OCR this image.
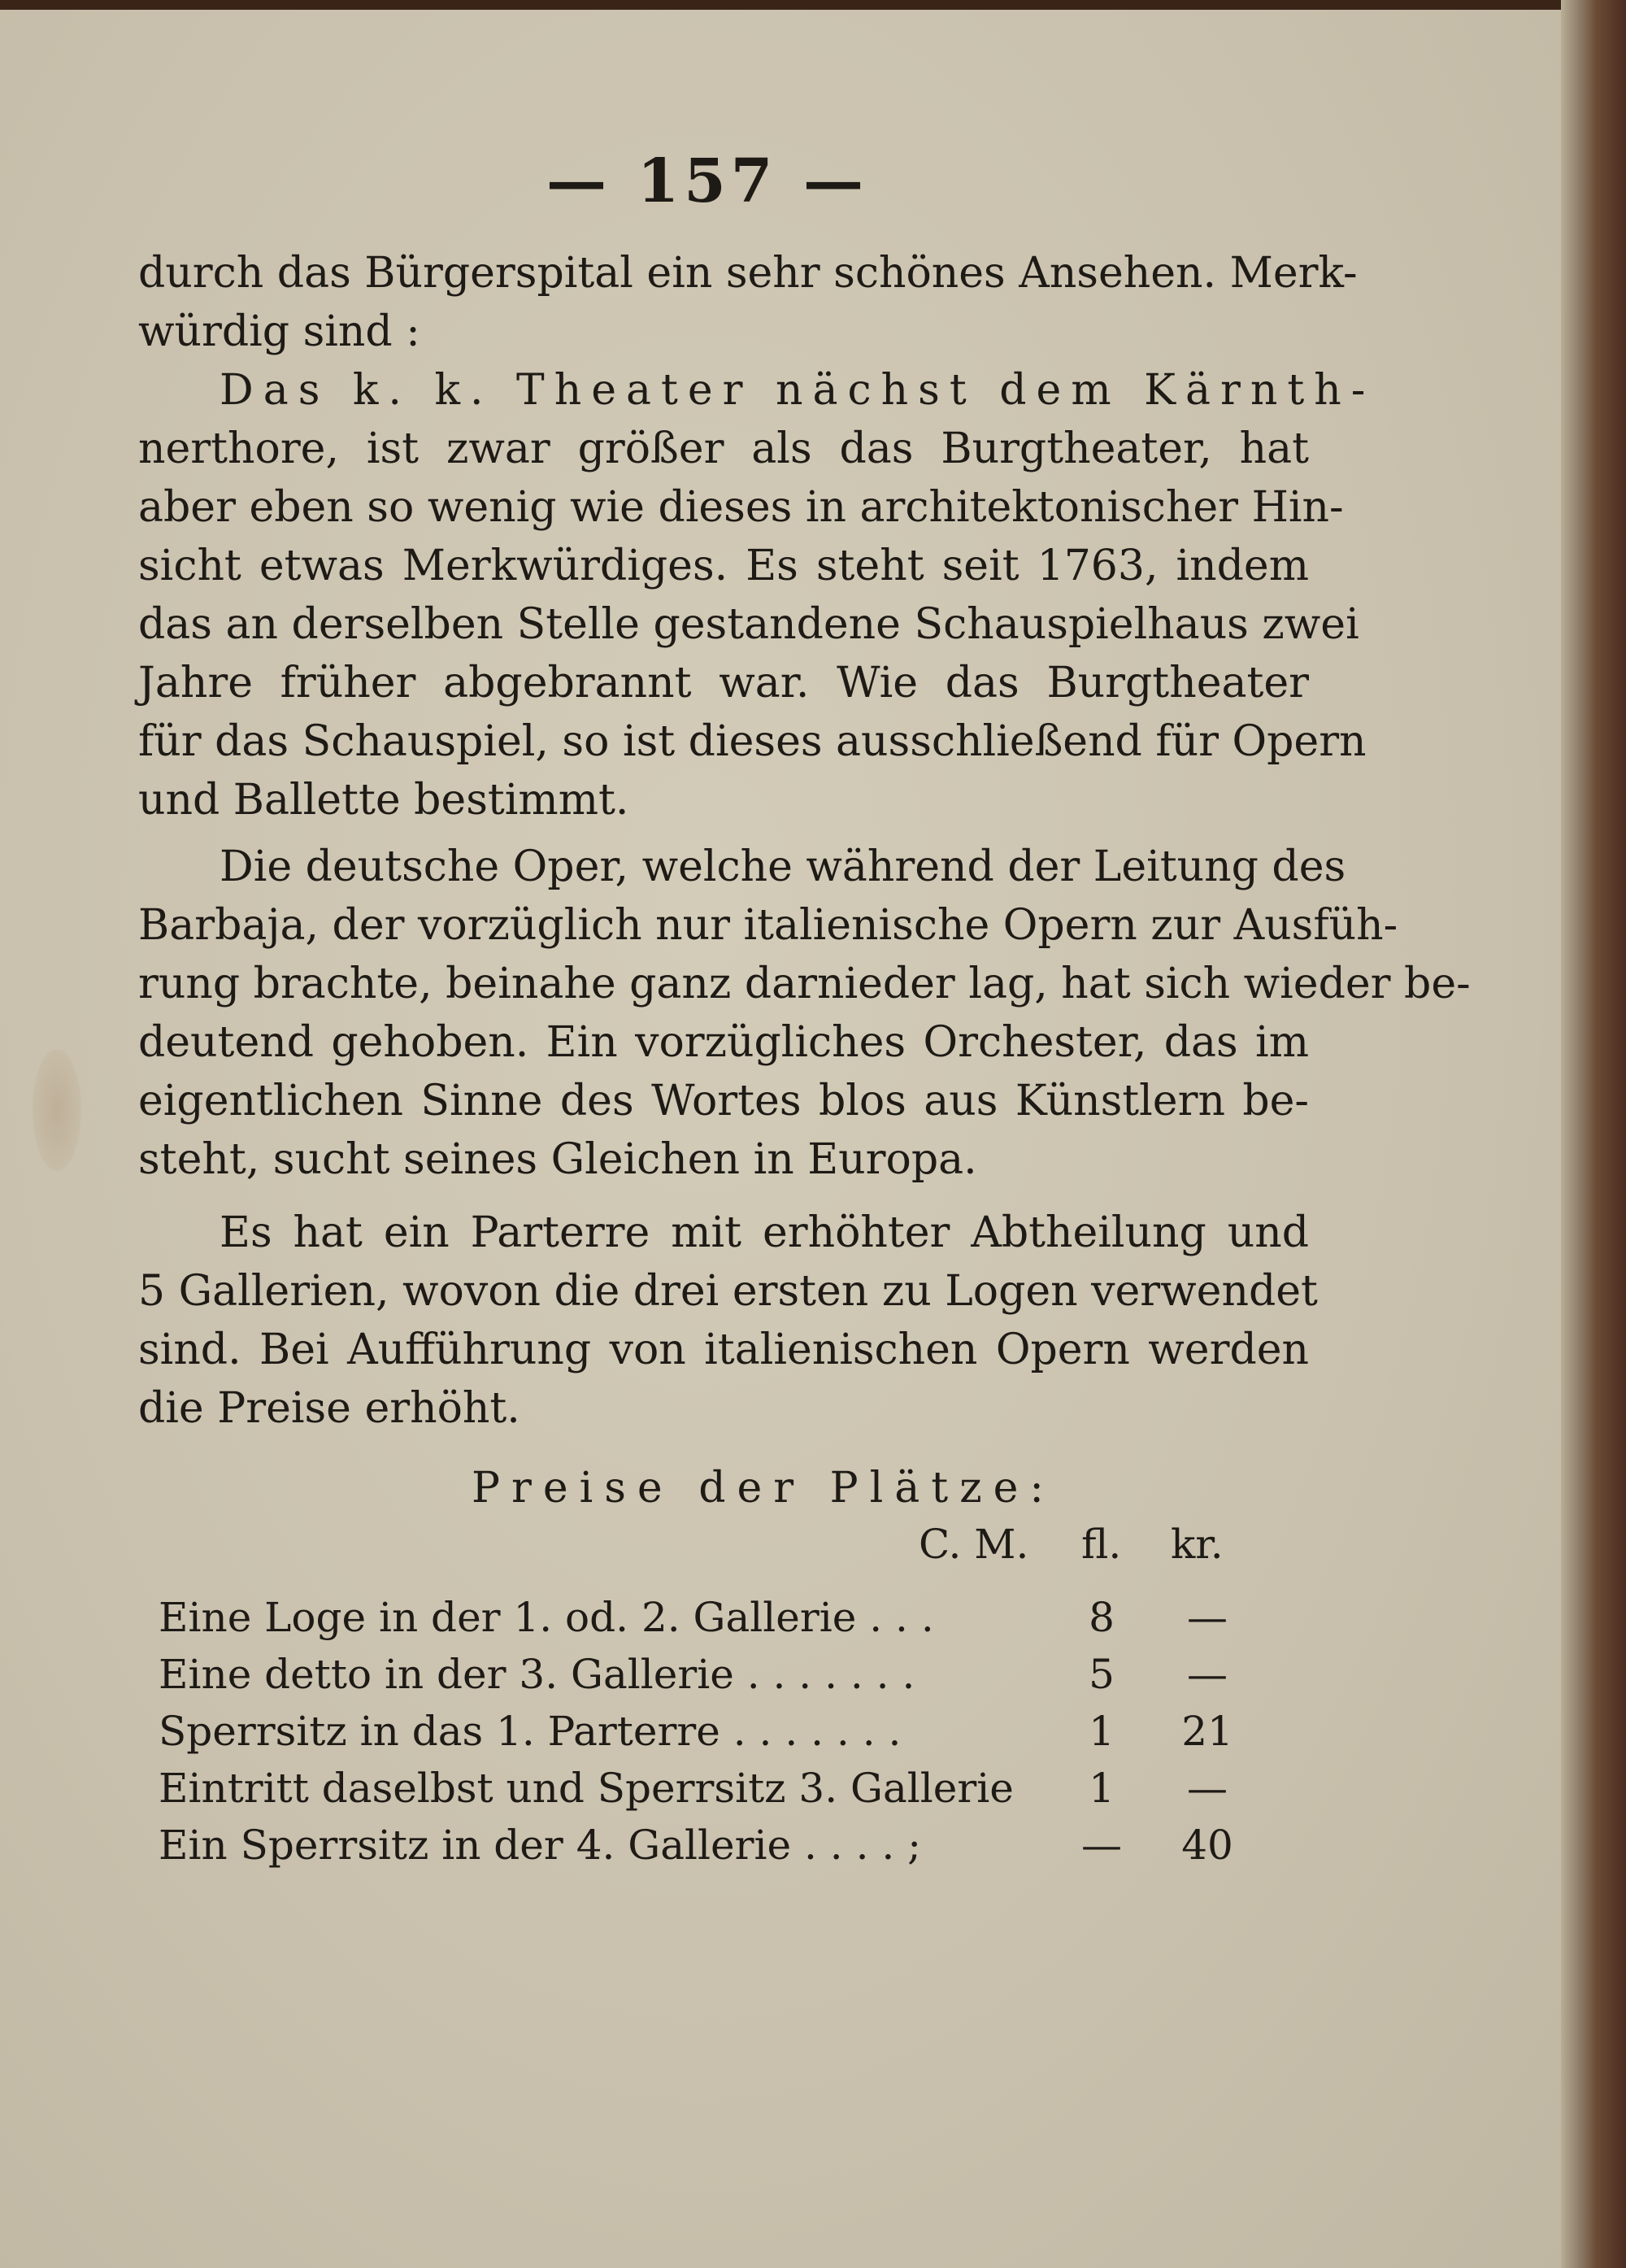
— 157 —
durch das Bürgerspital ein sehr schönes Ansehen. Merk-
würdig sind :
Das k. k. Theater nächst dem Kärnth-
nerthore, ist zwar größer als das Burgtheater, hat
aber eben so wenig wie dieses in architektonischer Hin-
sicht etwas Merkwürdiges. Es steht seit 1763, indem
das an derselben Stelle gestandene Schauspielhaus zwei
Jahre früher abgebrannt war. Wie das Burgtheater
für das Schauspiel, so ist dieses ausschließend für Opern
und Ballette bestimmt.
Die deutsche Oper, welche während der Leitung des
Barbaja, der vorzüglich nur italienische Opern zur Ausfüh-
rung brachte, beinahe ganz darnieder lag, hat sich wieder be-
deutend gehoben. Ein vorzügliches Orchester, das im
eigentlichen Sinne des Wortes blos aus Künstlern be-
steht, sucht seines Gleichen in Europa.
Es hat ein Parterre mit erhöhter Abtheilung und
5 Gallerien, wovon die drei ersten zu Logen verwendet
sind. Bei Aufführung von italienischen Opern werden
die Preise erhöht.
Preise der Plätze:
C. M. fl. kr.
Eine Loge in der 1. od. 2. Gallerie . . .	8	—
Eine detto in der 3. Gallerie . . . . . . .	5	—
Sperrsitz in das 1. Parterre . . . . . . .	1 21
Eintritt daselbst und Sperrsitz 3. Gallerie 1	—
Ein Sperrsitz in der 4. Gallerie . . . . ;	— 40
